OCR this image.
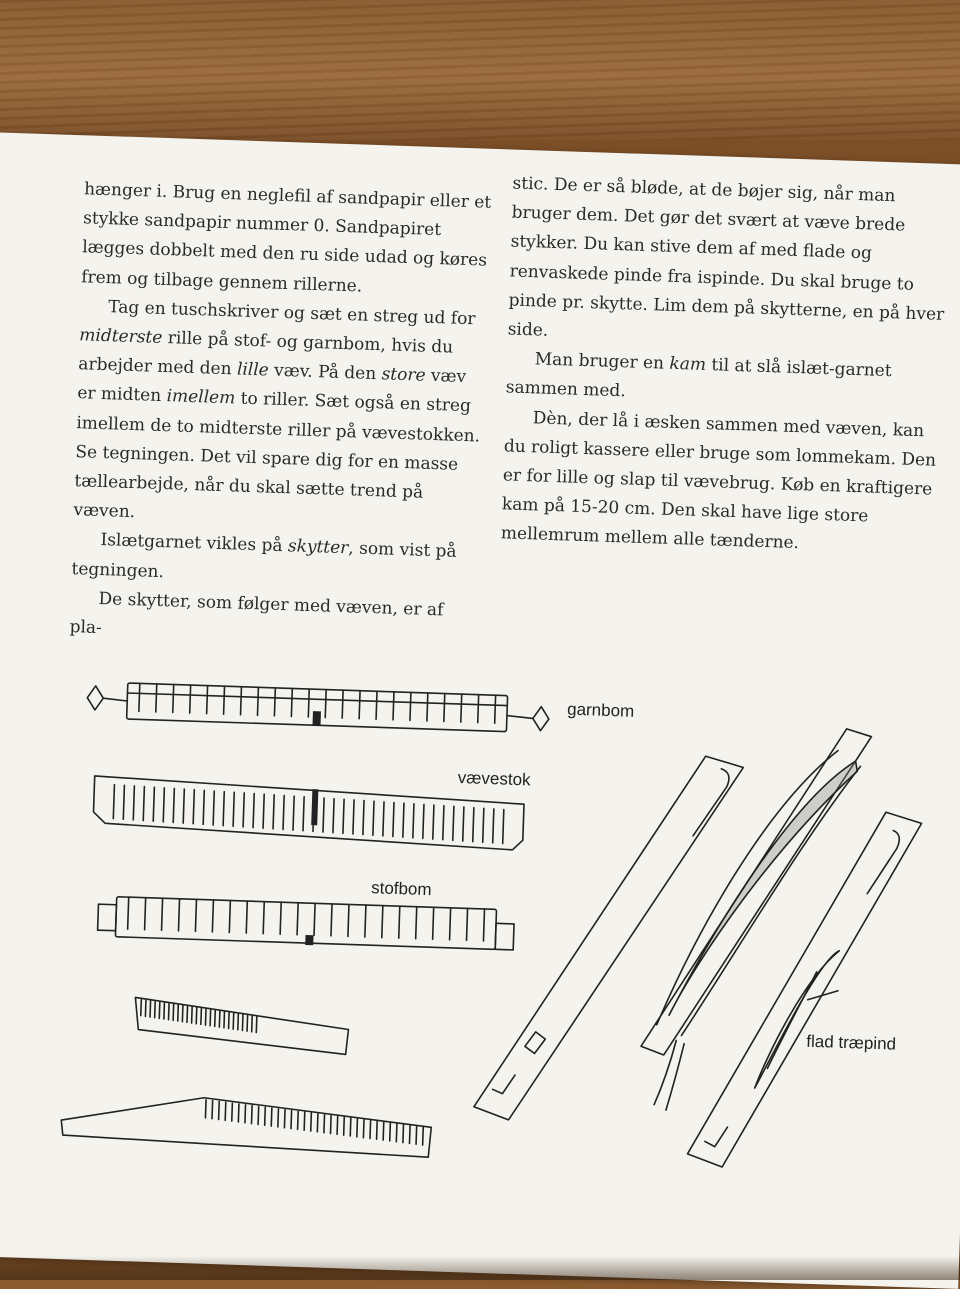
hænger i. Brug en neglefil af sandpapir eller et stykke sandpapir nummer 0. Sandpapiret lægges dobbelt med den ru side udad og køres frem og tilbage gennem rillerne.

Tag en tuschskriver og sæt en streg ud for midterste rille på stof- og garnbom, hvis du arbejder med den lille væv. På den store væv er midten imellem to riller. Sæt også en streg imellem de to midterste riller på vævestokken. Se tegningen. Det vil spare dig for en masse tællearbejde, når du skal sætte trend på væven.

Islætgarnet vikles på skytter, som vist på tegningen.

De skytter, som følger med væven, er af pla-

stic. De er så bløde, at de bøjer sig, når man bruger dem. Det gør det svært at væve brede stykker. Du kan stive dem af med flade og renvaskede pinde fra ispinde. Du skal bruge to pinde pr. skytte. Lim dem på skytterne, en på hver side.

Man bruger en kam til at slå islæt-garnet sammen med.

Dèn, der lå i æsken sammen med væven, kan du roligt kassere eller bruge som lommekam. Den er for lille og slap til vævebrug. Køb en kraftigere kam på 15-20 cm. Den skal have lige store mellemrum mellem alle tænderne.

garnbom
vævestok
stofbom
flad træpind
